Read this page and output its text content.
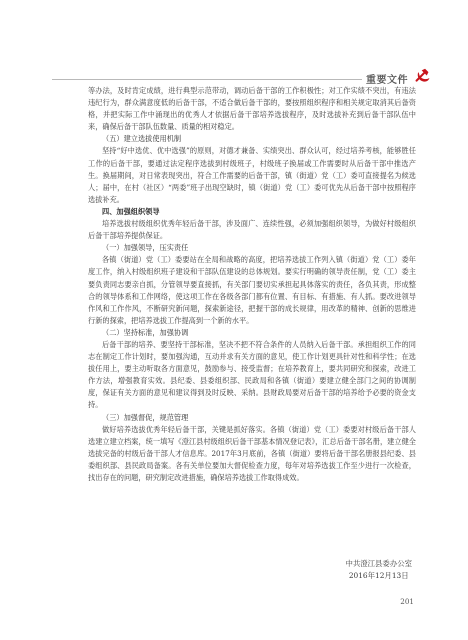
重要文件

等办法，及时肯定成绩，进行典型示范带动，调动后备干部的工作积极性；对工作实绩不突出，有违法违纪行为，群众满意度低的后备干部，不适合做后备干部的，要按照组织程序和相关规定取消其后备资格，并把实际工作中涌现出的优秀人才依据后备干部培养选拔程序，及时选拔补充到后备干部队伍中来，确保后备干部队伍数量、质量的相对稳定。

（五）建立选拔使用机制

坚持“好中选优、优中选强”的原则，对德才兼备、实绩突出、群众认可，经过培养考核，能够胜任工作的后备干部，要通过法定程序选拔到村级班子，村级班子换届或工作需要时从后备干部中推选产生。换届期间，对日常表现突出，符合工作需要的后备干部，镇（街道）党（工）委可直接提名为候选人；届中，在村（社区）“两委”班子出现空缺时，镇（街道）党（工）委可优先从后备干部中按照程序选拔补充。

四、加强组织领导

培养选拔村级组织优秀年轻后备干部，涉及面广、连续性强，必须加强组织领导，为做好村级组织后备干部培养提供保证。

（一）加强领导，压实责任

各镇（街道）党（工）委要站在全局和战略的高度，把培养选拔工作列入镇（街道）党（工）委年度工作，纳入村级组织班子建设和干部队伍建设的总体规划。要实行明确的领导责任制，党（工）委主要负责同志要亲自抓，分管领导要直接抓，有关部门要切实承担起具体落实的责任，各负其责，形成整合的领导体系和工作网络，使这项工作在各级各部门都有位置、有目标、有措施、有人抓。要改进领导作风和工作作风，不断研究新问题，探索新途径，把握干部的成长规律，用改革的精神、创新的思维进行新的探索，把培养选拔工作提高到一个新的水平。

（二）坚持标准，加强协调

后备干部的培养、要坚持干部标准，坚决不把不符合条件的人员纳入后备干部。承担组织工作的同志在制定工作计划时，要加强沟通，互动并求有关方面的意见，使工作计划更具针对性和科学性；在选拔任用上，要主动听取各方面意见，鼓励参与、接受监督；在培养教育上，要共同研究和探索，改进工作方法，增强教育实效。县纪委、县委组织部、民政局和各镇（街道）要建立健全部门之间的协调制度，保证有关方面的意见和建议得到及时反映、采纳。县财政局要对后备干部的培养给予必要的资金支持。

（三）加强督促，规范管理

做好培养选拔优秀年轻后备干部，关键是抓好落实。各镇（街道）党（工）委要对村级后备干部人选建立建立档案，统一填写《澄江县村级组织后备干部基本情况登记表》，汇总后备干部名册，建立健全选拔完备的村级后备干部人才信息库。2017年3月底前，各镇（街道）要将后备干部名册报县纪委、县委组织部、县民政局备案。各有关单位要加大督促检查力度，每年对培养选拔工作至少进行一次检查，找出存在的问题，研究制定改进措施，确保培养选拔工作取得成效。

中共澄江县委办公室
2016年12月13日
201
